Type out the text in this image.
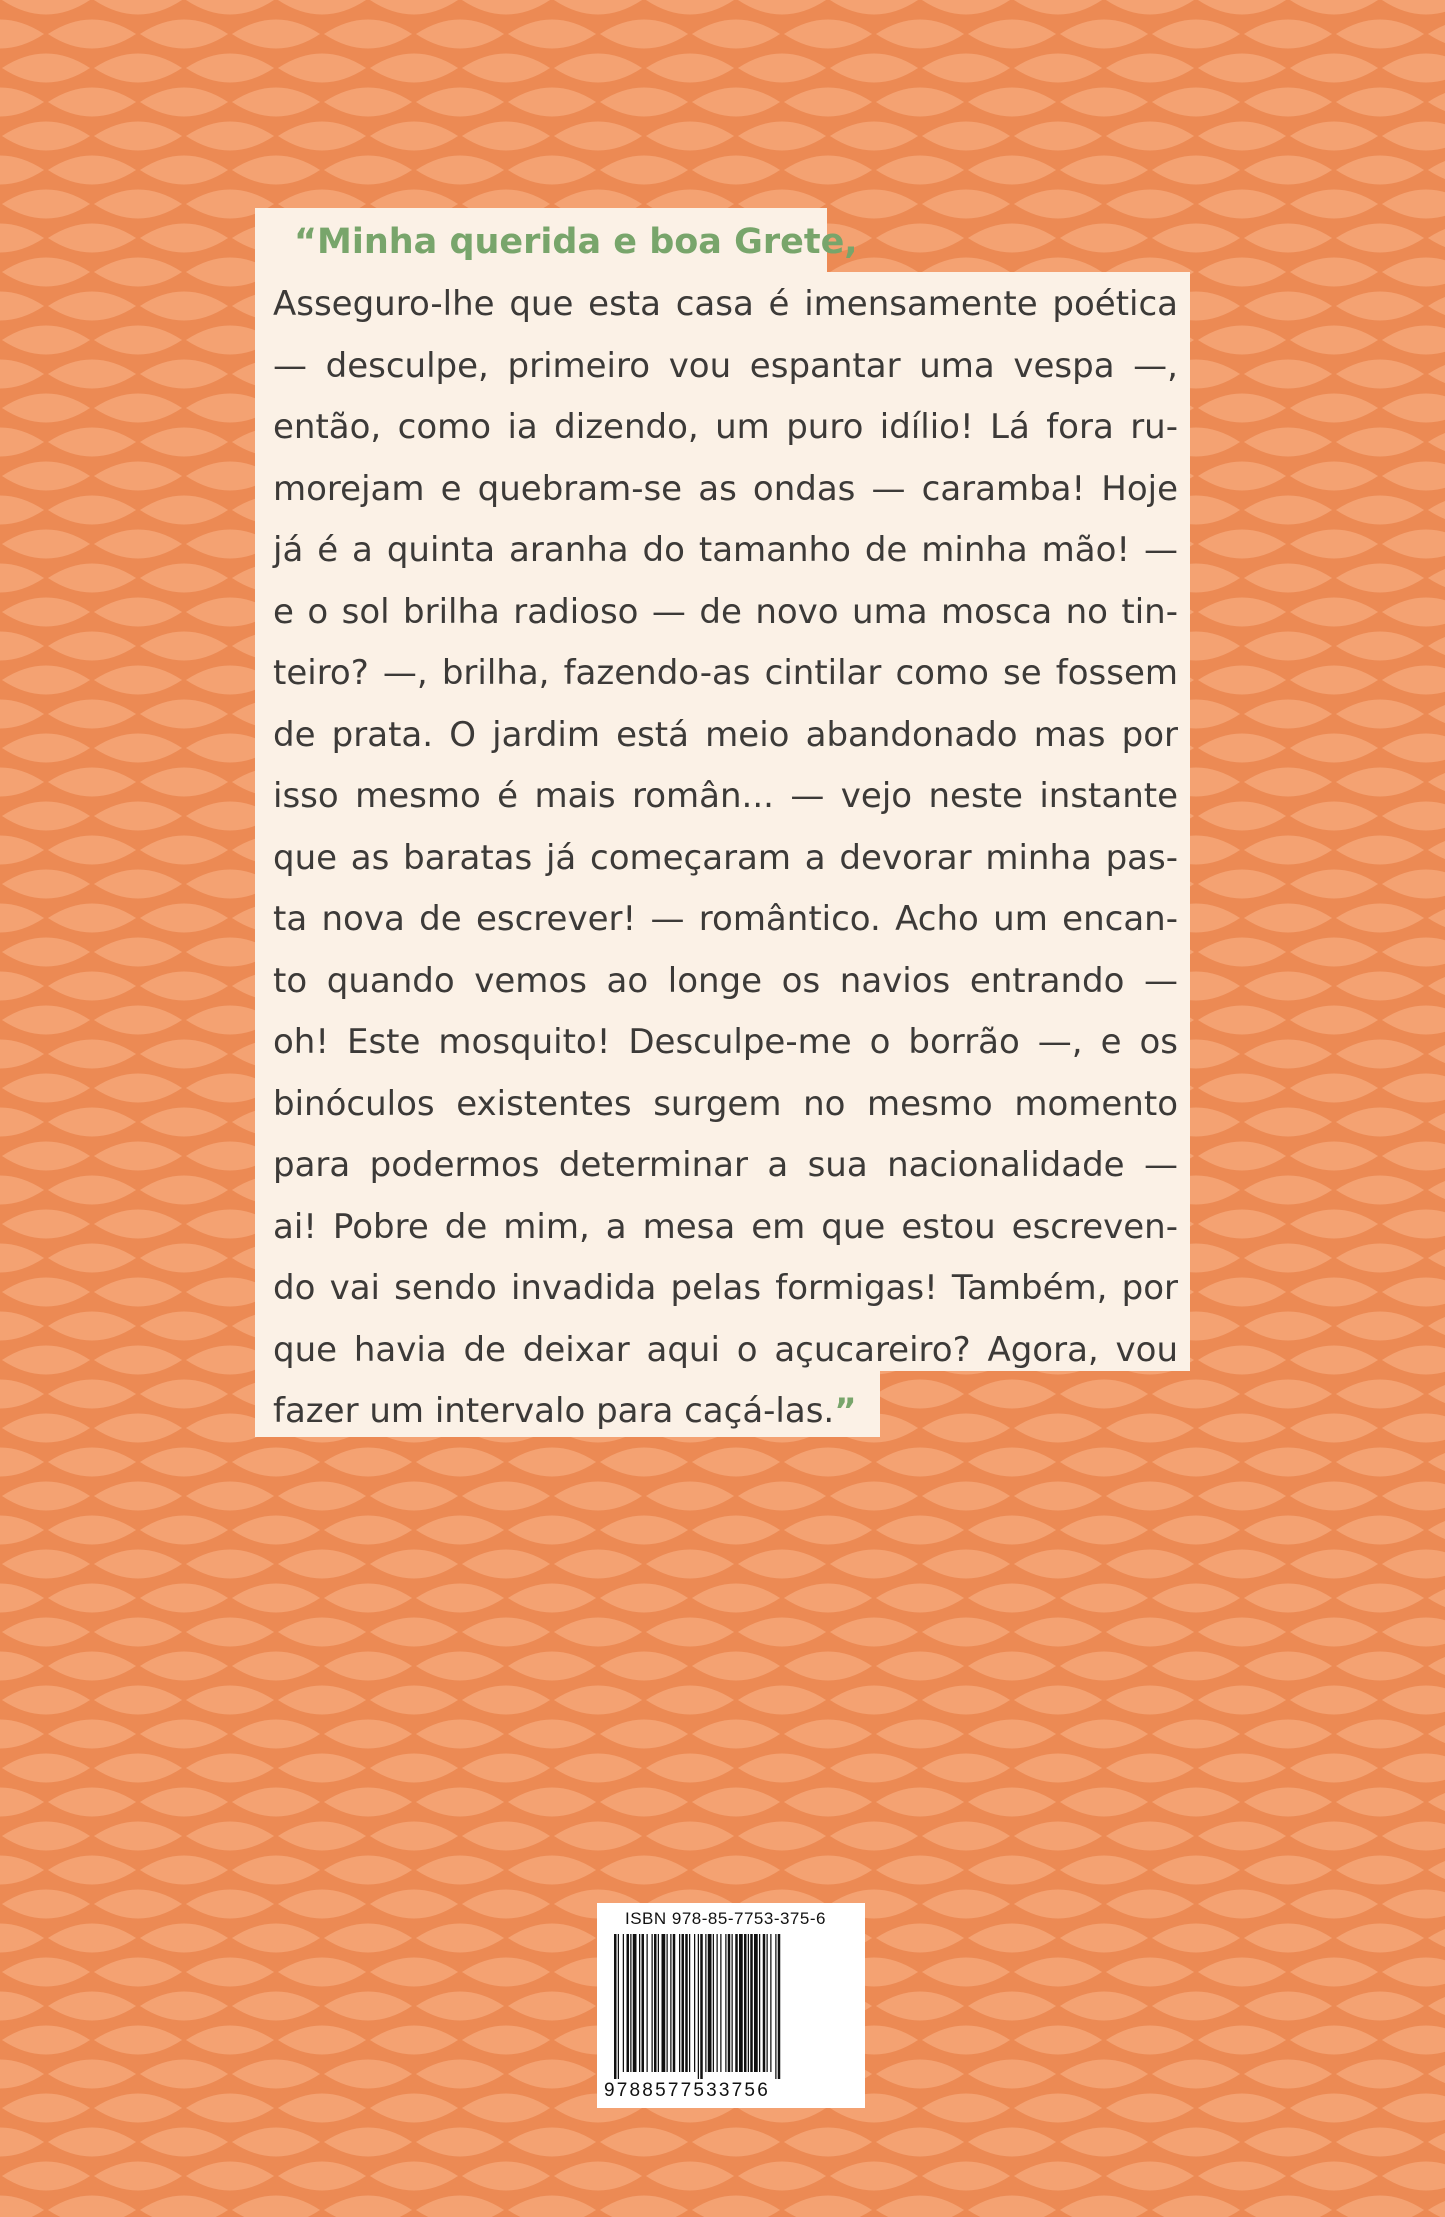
“Minha querida e boa Grete,
Asseguro-lhe que esta casa é imensamente poética
— desculpe, primeiro vou espantar uma vespa —,
então, como ia dizendo, um puro idílio! Lá fora ru-
morejam e quebram-se as ondas — caramba! Hoje
já é a quinta aranha do tamanho de minha mão! —
e o sol brilha radioso — de novo uma mosca no tin-
teiro? —, brilha, fazendo-as cintilar como se fossem
de prata. O jardim está meio abandonado mas por
isso mesmo é mais român... — vejo neste instante
que as baratas já começaram a devorar minha pas-
ta nova de escrever! — romântico. Acho um encan-
to quando vemos ao longe os navios entrando —
oh! Este mosquito! Desculpe-me o borrão —, e os
binóculos existentes surgem no mesmo momento
para podermos determinar a sua nacionalidade —
ai! Pobre de mim, a mesa em que estou escreven-
do vai sendo invadida pelas formigas! Também, por
que havia de deixar aqui o açucareiro? Agora, vou
fazer um intervalo para caçá-las.”
ISBN 978-85-7753-375-6
9788577533756
